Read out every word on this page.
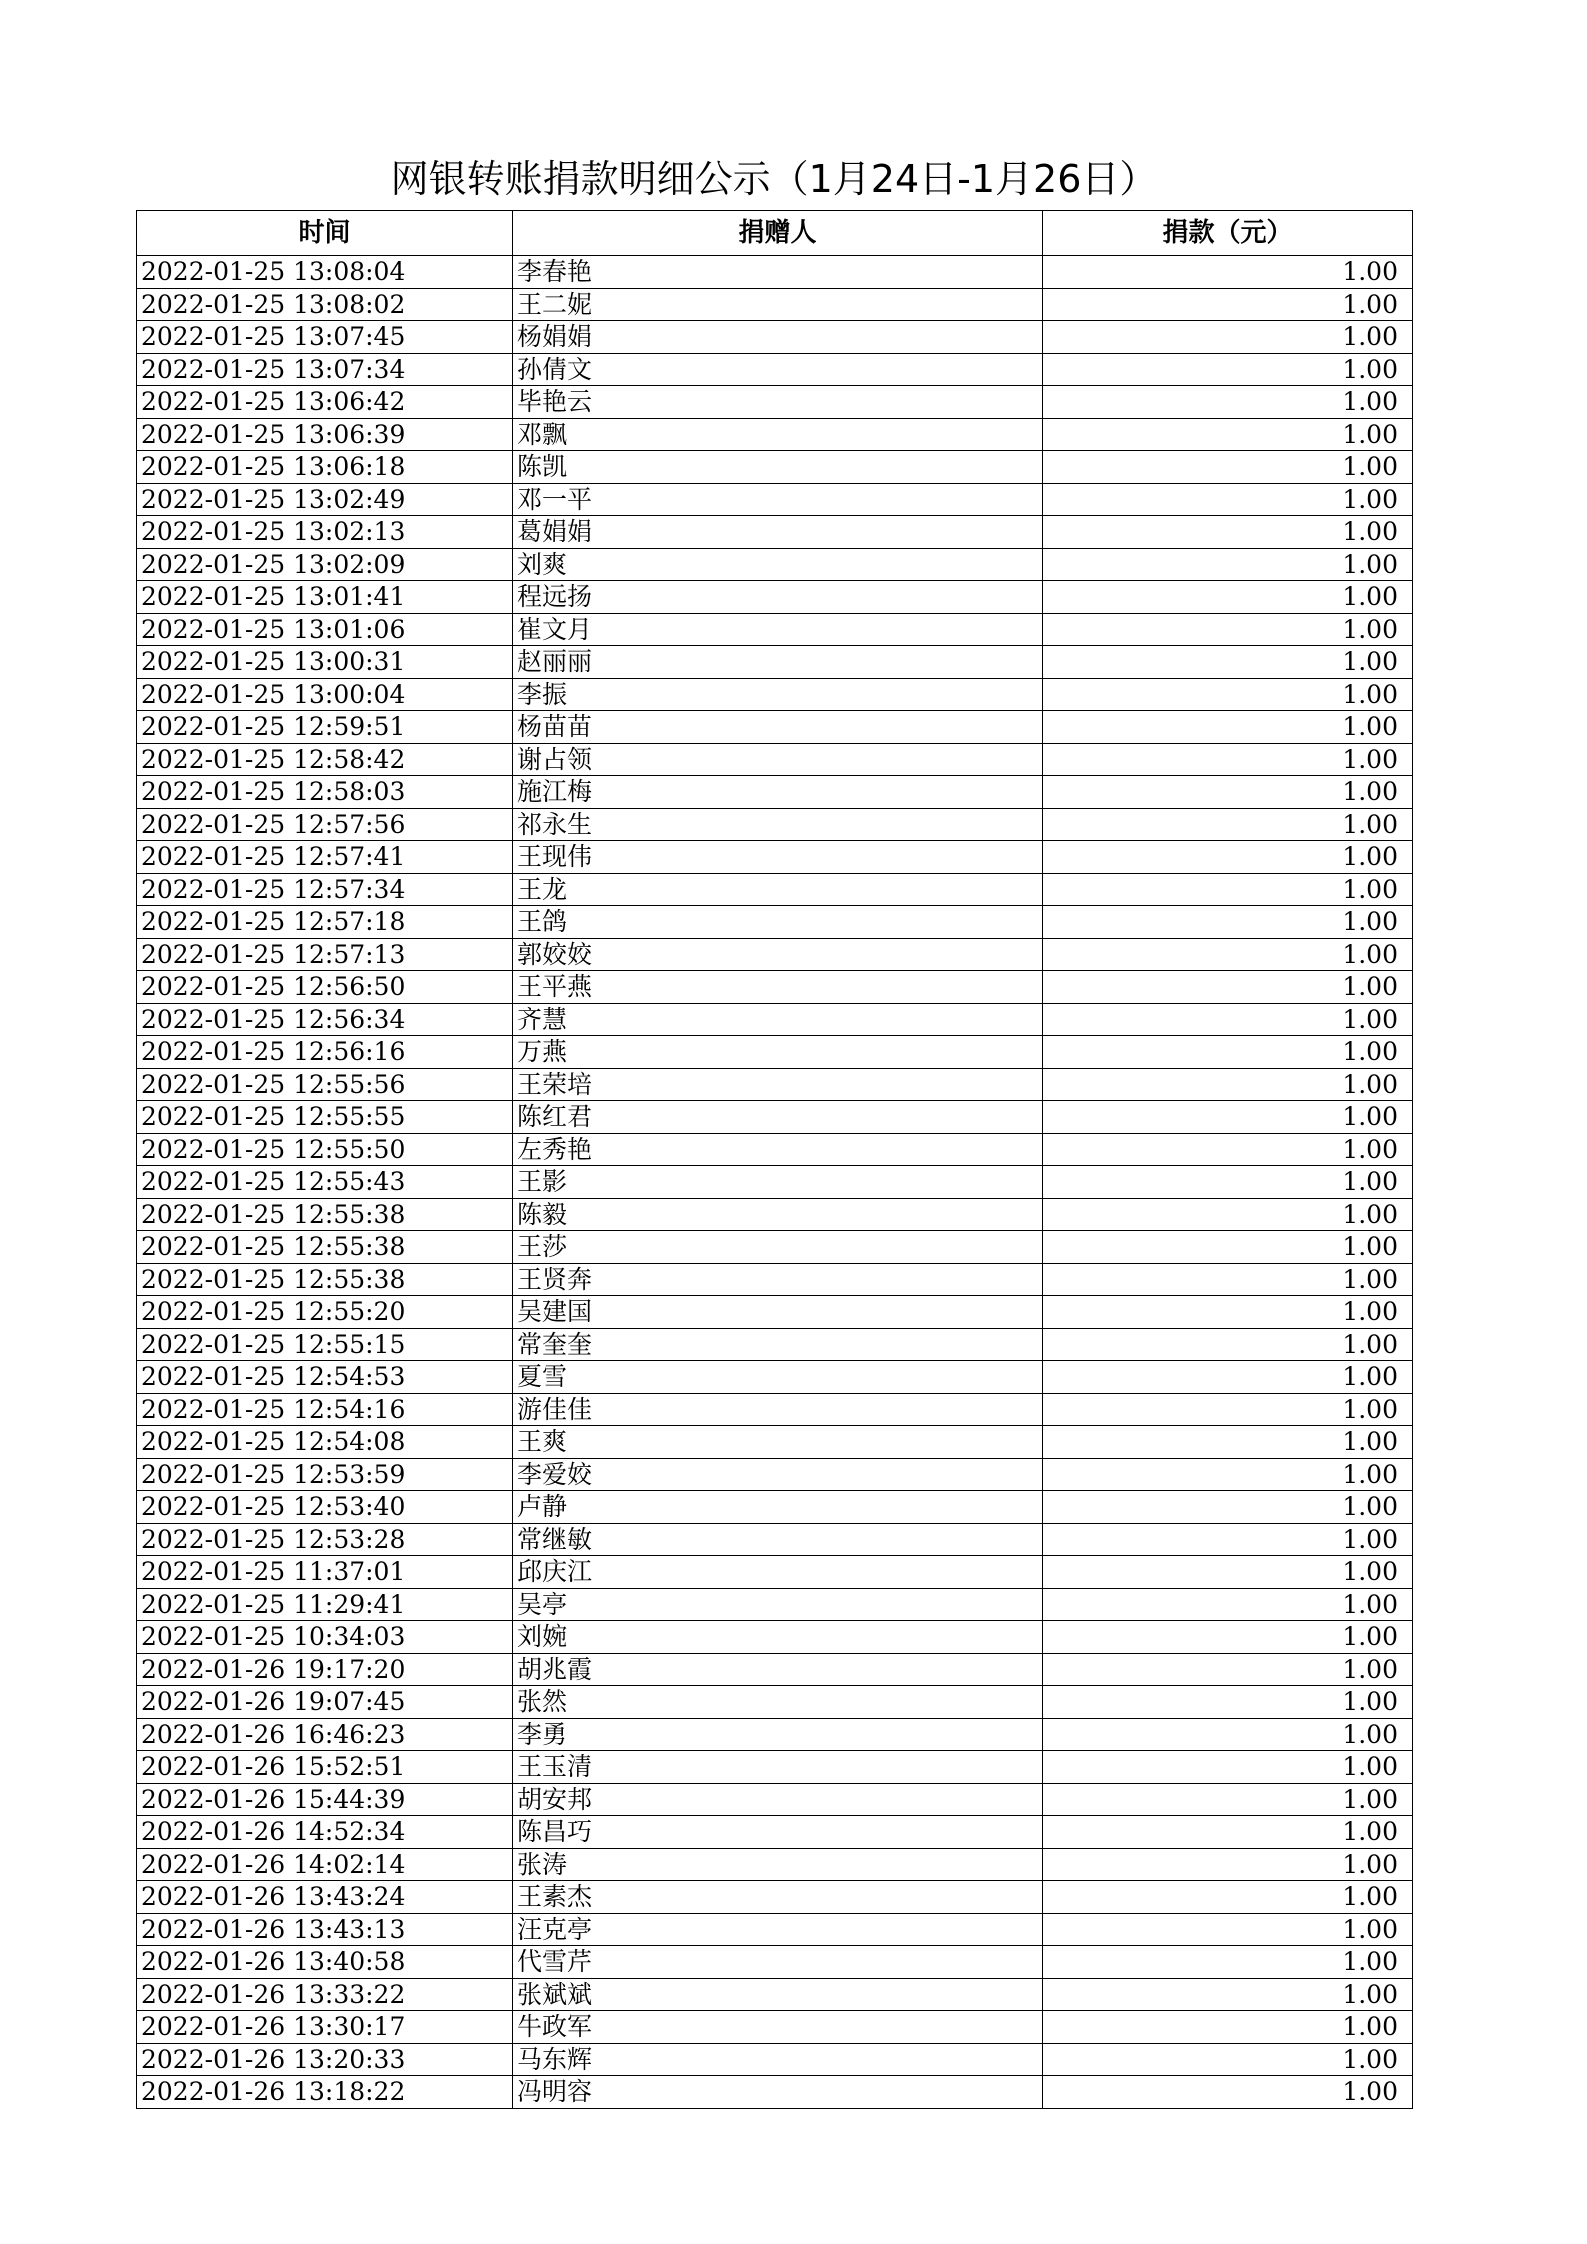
网银转账捐款明细公示（1月24日-1月26日）
时间	捐赠人	捐款（元）
2022-01-25 13:08:04	李春艳	1.00
2022-01-25 13:08:02	王二妮	1.00
2022-01-25 13:07:45	杨娟娟	1.00
2022-01-25 13:07:34	孙倩文	1.00
2022-01-25 13:06:42	毕艳云	1.00
2022-01-25 13:06:39	邓飘	1.00
2022-01-25 13:06:18	陈凯	1.00
2022-01-25 13:02:49	邓一平	1.00
2022-01-25 13:02:13	葛娟娟	1.00
2022-01-25 13:02:09	刘爽	1.00
2022-01-25 13:01:41	程远扬	1.00
2022-01-25 13:01:06	崔文月	1.00
2022-01-25 13:00:31	赵丽丽	1.00
2022-01-25 13:00:04	李振	1.00
2022-01-25 12:59:51	杨苗苗	1.00
2022-01-25 12:58:42	谢占领	1.00
2022-01-25 12:58:03	施江梅	1.00
2022-01-25 12:57:56	祁永生	1.00
2022-01-25 12:57:41	王现伟	1.00
2022-01-25 12:57:34	王龙	1.00
2022-01-25 12:57:18	王鸽	1.00
2022-01-25 12:57:13	郭姣姣	1.00
2022-01-25 12:56:50	王平燕	1.00
2022-01-25 12:56:34	齐慧	1.00
2022-01-25 12:56:16	万燕	1.00
2022-01-25 12:55:56	王荣培	1.00
2022-01-25 12:55:55	陈红君	1.00
2022-01-25 12:55:50	左秀艳	1.00
2022-01-25 12:55:43	王影	1.00
2022-01-25 12:55:38	陈毅	1.00
2022-01-25 12:55:38	王莎	1.00
2022-01-25 12:55:38	王贤奔	1.00
2022-01-25 12:55:20	吴建国	1.00
2022-01-25 12:55:15	常奎奎	1.00
2022-01-25 12:54:53	夏雪	1.00
2022-01-25 12:54:16	游佳佳	1.00
2022-01-25 12:54:08	王爽	1.00
2022-01-25 12:53:59	李爱姣	1.00
2022-01-25 12:53:40	卢静	1.00
2022-01-25 12:53:28	常继敏	1.00
2022-01-25 11:37:01	邱庆江	1.00
2022-01-25 11:29:41	吴亭	1.00
2022-01-25 10:34:03	刘婉	1.00
2022-01-26 19:17:20	胡兆霞	1.00
2022-01-26 19:07:45	张然	1.00
2022-01-26 16:46:23	李勇	1.00
2022-01-26 15:52:51	王玉清	1.00
2022-01-26 15:44:39	胡安邦	1.00
2022-01-26 14:52:34	陈昌巧	1.00
2022-01-26 14:02:14	张涛	1.00
2022-01-26 13:43:24	王素杰	1.00
2022-01-26 13:43:13	汪克亭	1.00
2022-01-26 13:40:58	代雪芹	1.00
2022-01-26 13:33:22	张斌斌	1.00
2022-01-26 13:30:17	牛政军	1.00
2022-01-26 13:20:33	马东辉	1.00
2022-01-26 13:18:22	冯明容	1.00
